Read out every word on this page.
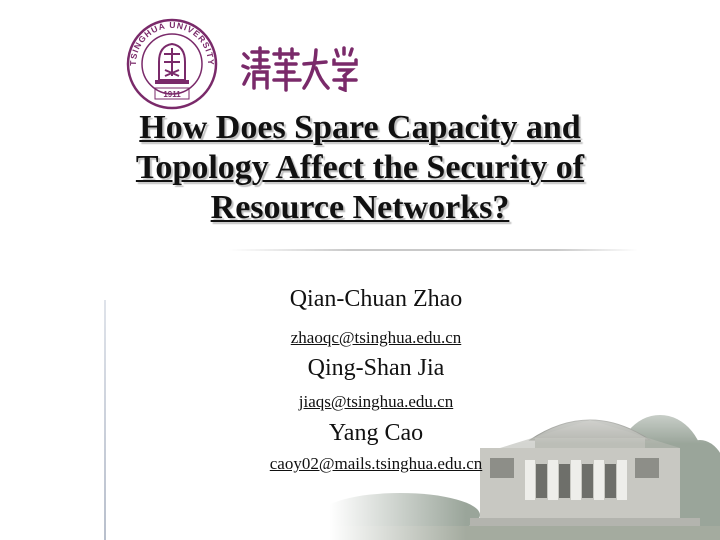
TSINGHUA UNIVERSITY
1911

How Does Spare Capacity and
Topology Affect the Security of
Resource Networks?

Qian-Chuan Zhao
zhaoqc@tsinghua.edu.cn
Qing-Shan Jia
jiaqs@tsinghua.edu.cn
Yang Cao
caoy02@mails.tsinghua.edu.cn
